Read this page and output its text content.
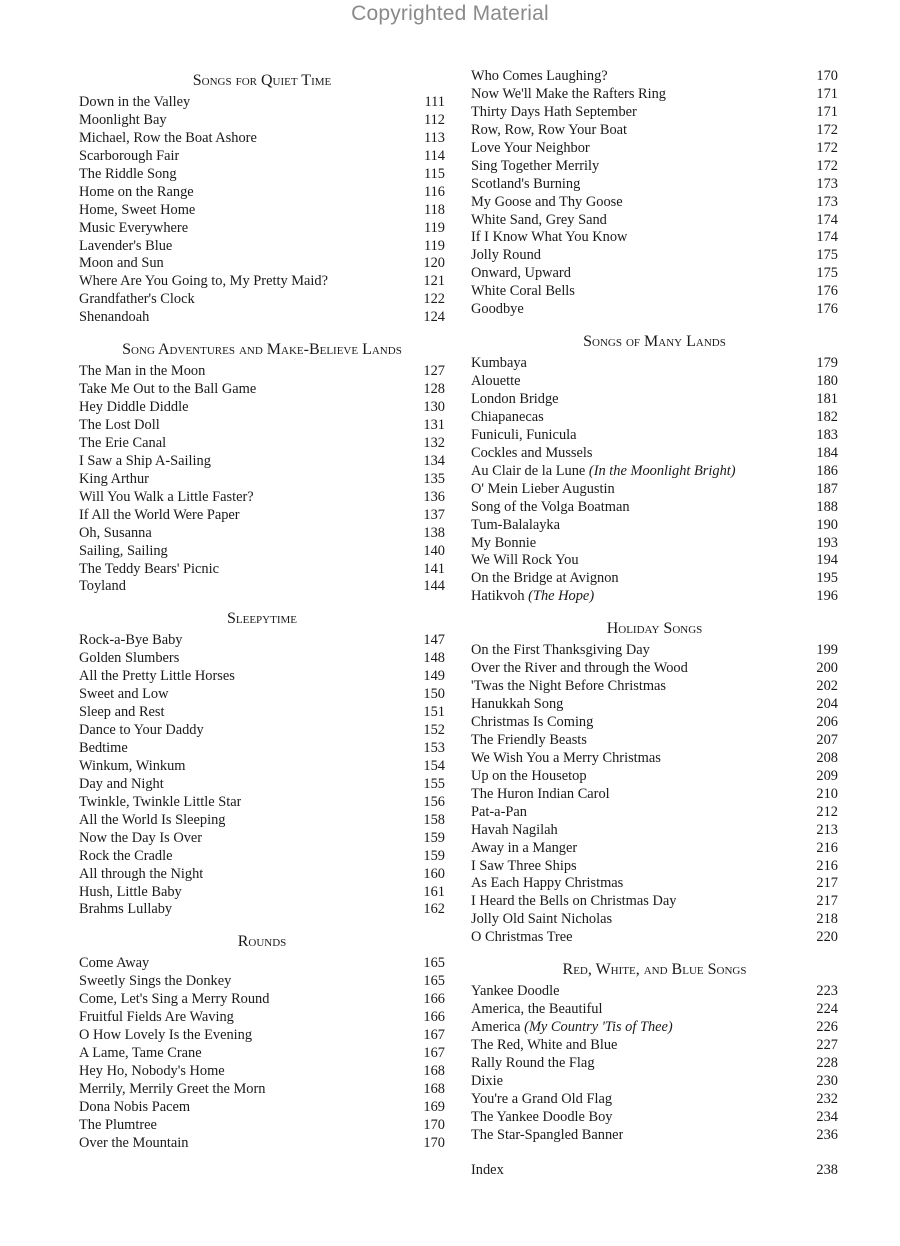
Copyrighted Material
Songs for Quiet Time
Down in the Valley	111
Moonlight Bay	112
Michael, Row the Boat Ashore	113
Scarborough Fair	114
The Riddle Song	115
Home on the Range	116
Home, Sweet Home	118
Music Everywhere	119
Lavender's Blue	119
Moon and Sun	120
Where Are You Going to, My Pretty Maid?	121
Grandfather's Clock	122
Shenandoah	124
Song Adventures and Make-Believe Lands
The Man in the Moon	127
Take Me Out to the Ball Game	128
Hey Diddle Diddle	130
The Lost Doll	131
The Erie Canal	132
I Saw a Ship A-Sailing	134
King Arthur	135
Will You Walk a Little Faster?	136
If All the World Were Paper	137
Oh, Susanna	138
Sailing, Sailing	140
The Teddy Bears' Picnic	141
Toyland	144
Sleepytime
Rock-a-Bye Baby	147
Golden Slumbers	148
All the Pretty Little Horses	149
Sweet and Low	150
Sleep and Rest	151
Dance to Your Daddy	152
Bedtime	153
Winkum, Winkum	154
Day and Night	155
Twinkle, Twinkle Little Star	156
All the World Is Sleeping	158
Now the Day Is Over	159
Rock the Cradle	159
All through the Night	160
Hush, Little Baby	161
Brahms Lullaby	162
Rounds
Come Away	165
Sweetly Sings the Donkey	165
Come, Let's Sing a Merry Round	166
Fruitful Fields Are Waving	166
O How Lovely Is the Evening	167
A Lame, Tame Crane	167
Hey Ho, Nobody's Home	168
Merrily, Merrily Greet the Morn	168
Dona Nobis Pacem	169
The Plumtree	170
Over the Mountain	170
Who Comes Laughing?	170
Now We'll Make the Rafters Ring	171
Thirty Days Hath September	171
Row, Row, Row Your Boat	172
Love Your Neighbor	172
Sing Together Merrily	172
Scotland's Burning	173
My Goose and Thy Goose	173
White Sand, Grey Sand	174
If I Know What You Know	174
Jolly Round	175
Onward, Upward	175
White Coral Bells	176
Goodbye	176
Songs of Many Lands
Kumbaya	179
Alouette	180
London Bridge	181
Chiapanecas	182
Funiculi, Funicula	183
Cockles and Mussels	184
Au Clair de la Lune (In the Moonlight Bright)	186
O' Mein Lieber Augustin	187
Song of the Volga Boatman	188
Tum-Balalayka	190
My Bonnie	193
We Will Rock You	194
On the Bridge at Avignon	195
Hatikvoh (The Hope)	196
Holiday Songs
On the First Thanksgiving Day	199
Over the River and through the Wood	200
'Twas the Night Before Christmas	202
Hanukkah Song	204
Christmas Is Coming	206
The Friendly Beasts	207
We Wish You a Merry Christmas	208
Up on the Housetop	209
The Huron Indian Carol	210
Pat-a-Pan	212
Havah Nagilah	213
Away in a Manger	216
I Saw Three Ships	216
As Each Happy Christmas	217
I Heard the Bells on Christmas Day	217
Jolly Old Saint Nicholas	218
O Christmas Tree	220
Red, White, and Blue Songs
Yankee Doodle	223
America, the Beautiful	224
America (My Country 'Tis of Thee)	226
The Red, White and Blue	227
Rally Round the Flag	228
Dixie	230
You're a Grand Old Flag	232
The Yankee Doodle Boy	234
The Star-Spangled Banner	236
Index	238
